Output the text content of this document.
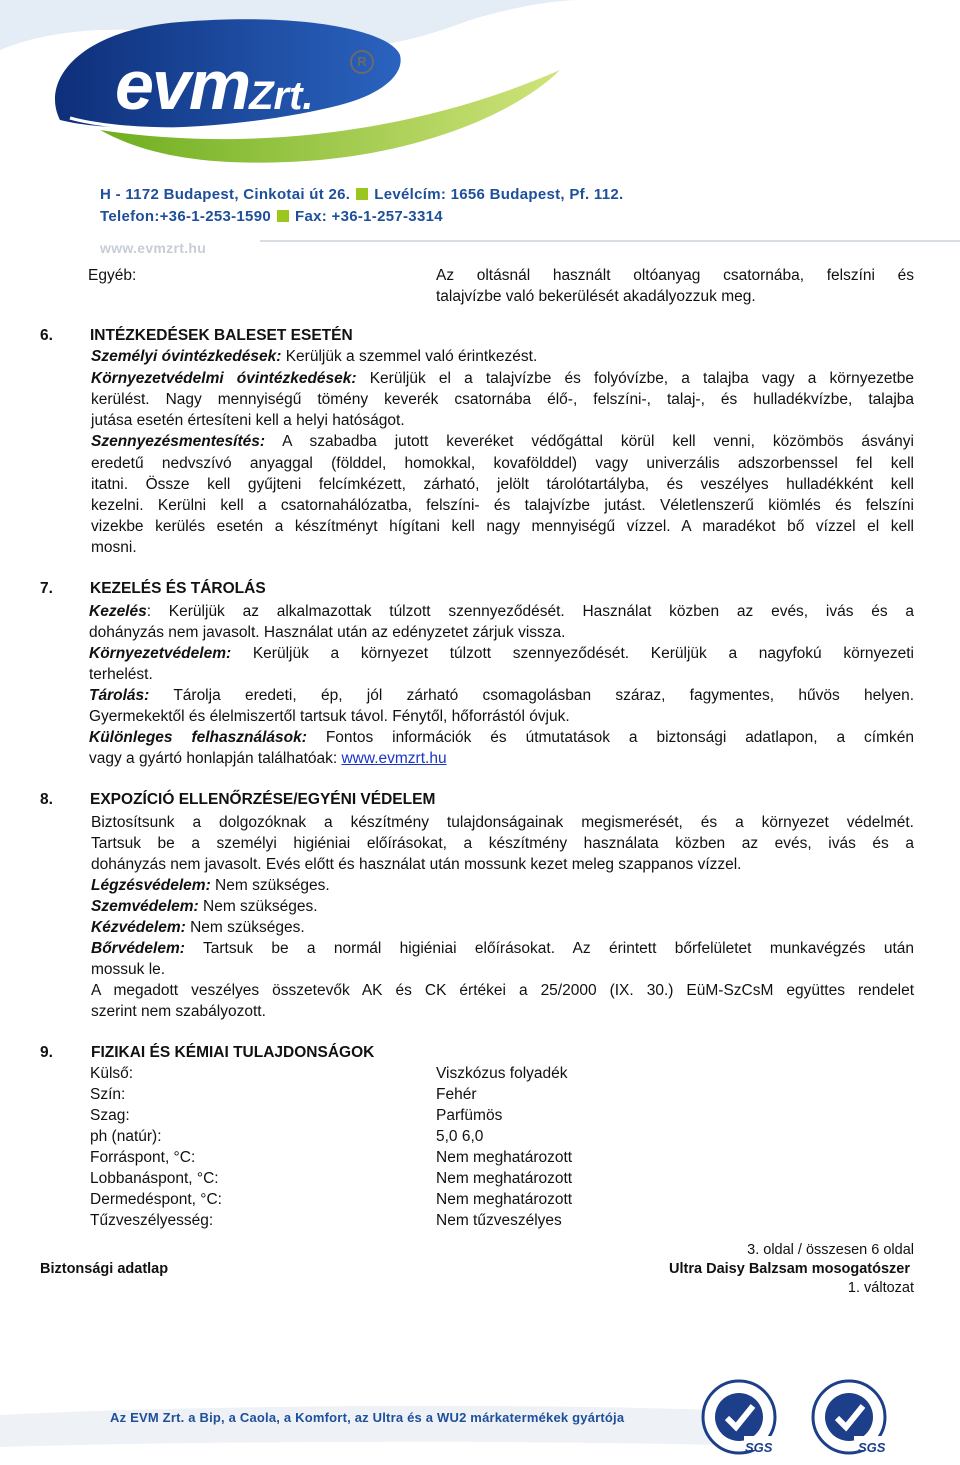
evmZrt.
R
H - 1172 Budapest, Cinkotai út 26. Levélcím: 1656 Budapest, Pf. 112.
Telefon:+36-1-253-1590 Fax: +36-1-257-3314
www.evmzrt.hu
Egyéb:	Az oltásnál használt oltóanyag csatornába, felszíni és
talajvízbe való bekerülését akadályozzuk meg.
6. INTÉZKEDÉSEK BALESET ESETÉN
Személyi óvintézkedések: Kerüljük a szemmel való érintkezést.
Környezetvédelmi óvintézkedések: Kerüljük el a talajvízbe és folyóvízbe, a talajba vagy a környezetbe
kerülést. Nagy mennyiségű tömény keverék csatornába élő-, felszíni-, talaj-, és hulladékvízbe, talajba
jutása esetén értesíteni kell a helyi hatóságot.
Szennyezésmentesítés: A szabadba jutott keveréket védőgáttal körül kell venni, közömbös ásványi
eredetű nedvszívó anyaggal (földdel, homokkal, kovafölddel) vagy univerzális adszorbenssel fel kell
itatni. Össze kell gyűjteni felcímkézett, zárható, jelölt tárolótartályba, és veszélyes hulladékként kell
kezelni. Kerülni kell a csatornahálózatba, felszíni- és talajvízbe jutást. Véletlenszerű kiömlés és felszíni
vizekbe kerülés esetén a készítményt hígítani kell nagy mennyiségű vízzel. A maradékot bő vízzel el kell
mosni.
7. KEZELÉS ÉS TÁROLÁS
Kezelés: Kerüljük az alkalmazottak túlzott szennyeződését. Használat közben az evés, ivás és a
dohányzás nem javasolt. Használat után az edényzetet zárjuk vissza.
Környezetvédelem: Kerüljük a környezet túlzott szennyeződését. Kerüljük a nagyfokú környezeti
terhelést.
Tárolás: Tárolja eredeti, ép, jól zárható csomagolásban száraz, fagymentes, hűvös helyen.
Gyermekektől és élelmiszertől tartsuk távol. Fénytől, hőforrástól óvjuk.
Különleges felhasználások: Fontos információk és útmutatások a biztonsági adatlapon, a címkén
vagy a gyártó honlapján találhatóak: www.evmzrt.hu
8. EXPOZÍCIÓ ELLENŐRZÉSE/EGYÉNI VÉDELEM
Biztosítsunk a dolgozóknak a készítmény tulajdonságainak megismerését, és a környezet védelmét.
Tartsuk be a személyi higiéniai előírásokat, a készítmény használata közben az evés, ivás és a
dohányzás nem javasolt. Evés előtt és használat után mossunk kezet meleg szappanos vízzel.
Légzésvédelem: Nem szükséges.
Szemvédelem: Nem szükséges.
Kézvédelem: Nem szükséges.
Bőrvédelem: Tartsuk be a normál higiéniai előírásokat. Az érintett bőrfelületet munkavégzés után
mossuk le.
A megadott veszélyes összetevők AK és CK értékei a 25/2000 (IX. 30.) EüM-SzCsM együttes rendelet
szerint nem szabályozott.
9. FIZIKAI ÉS KÉMIAI TULAJDONSÁGOK
Külső:	Viszkózus folyadék
Szín:	Fehér
Szag:	Parfümös
ph (natúr):	5,0 6,0
Forráspont, °C:	Nem meghatározott
Lobbanáspont, °C:	Nem meghatározott
Dermedéspont, °C:	Nem meghatározott
Tűzveszélyesség:	Nem tűzveszélyes
3. oldal / összesen 6 oldal
Biztonsági adatlap	Ultra Daisy Balzsam mosogatószer
1. változat
Az EVM Zrt. a Bip, a Caola, a Komfort, az Ultra és a WU2 márkatermékek gyártója
SGS	SGS
